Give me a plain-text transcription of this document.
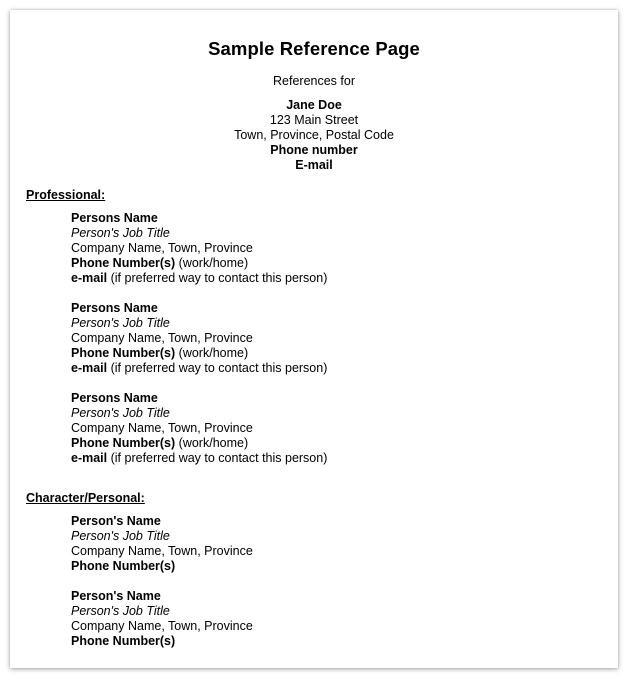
Sample Reference Page
References for
Jane Doe
123 Main Street
Town, Province, Postal Code
Phone number
E-mail
Professional:
Persons Name
Person's Job Title
Company Name, Town, Province
Phone Number(s) (work/home)
e-mail (if preferred way to contact this person)
Persons Name
Person's Job Title
Company Name, Town, Province
Phone Number(s) (work/home)
e-mail (if preferred way to contact this person)
Persons Name
Person's Job Title
Company Name, Town, Province
Phone Number(s) (work/home)
e-mail (if preferred way to contact this person)
Character/Personal:
Person's Name
Person's Job Title
Company Name, Town, Province
Phone Number(s)
Person's Name
Person's Job Title
Company Name, Town, Province
Phone Number(s)
